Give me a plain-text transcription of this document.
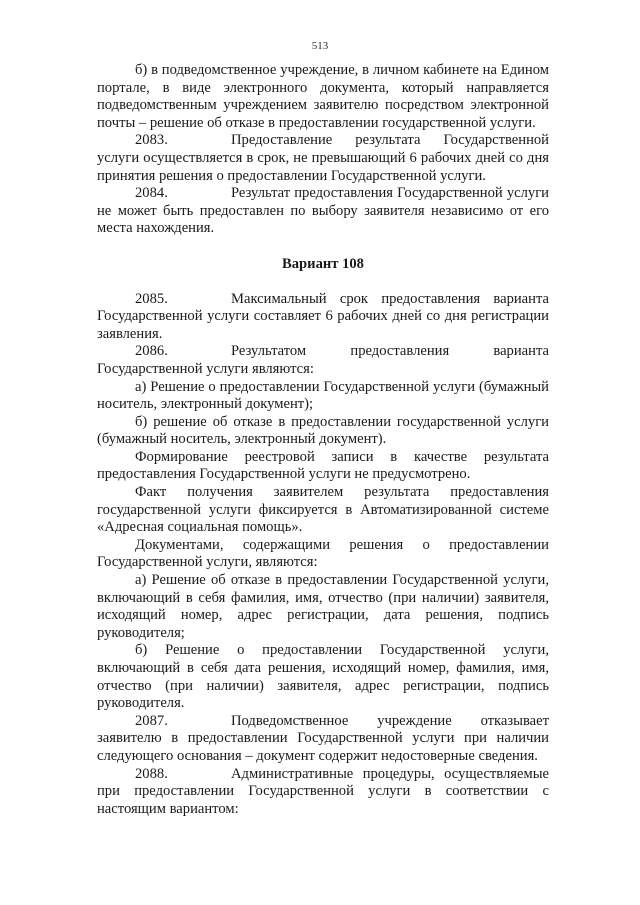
513

б) в подведомственное учреждение, в личном кабинете на Едином портале, в виде электронного документа, который направляется подведомственным учреждением заявителю посредством электронной почты – решение об отказе в предоставлении государственной услуги.

2083.	Предоставление результата Государственной услуги осуществляется в срок, не превышающий 6 рабочих дней со дня принятия решения о предоставлении Государственной услуги.

2084.	Результат предоставления Государственной услуги не может быть предоставлен по выбору заявителя независимо от его места нахождения.

Вариант 108

2085.	Максимальный срок предоставления варианта Государственной услуги составляет 6 рабочих дней со дня регистрации заявления.

2086.	Результатом предоставления варианта Государственной услуги являются:

а) Решение о предоставлении Государственной услуги (бумажный носитель, электронный документ);

б) решение об отказе в предоставлении государственной услуги (бумажный носитель, электронный документ).

Формирование реестровой записи в качестве результата предоставления Государственной услуги не предусмотрено.

Факт получения заявителем результата предоставления государственной услуги фиксируется в Автоматизированной системе «Адресная социальная помощь».

Документами, содержащими решения о предоставлении Государственной услуги, являются:

а) Решение об отказе в предоставлении Государственной услуги, включающий в себя фамилия, имя, отчество (при наличии) заявителя, исходящий номер, адрес регистрации, дата решения, подпись руководителя;

б) Решение о предоставлении Государственной услуги, включающий в себя дата решения, исходящий номер, фамилия, имя, отчество (при наличии) заявителя, адрес регистрации, подпись руководителя.

2087.	Подведомственное учреждение отказывает заявителю в предоставлении Государственной услуги при наличии следующего основания – документ содержит недостоверные сведения.

2088.	Административные процедуры, осуществляемые при предоставлении Государственной услуги в соответствии с настоящим вариантом:
